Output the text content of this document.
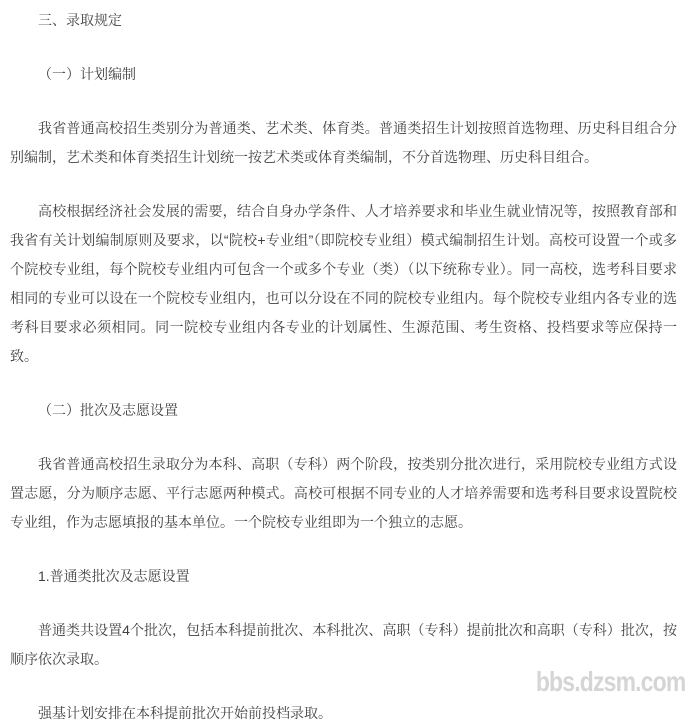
三、录取规定

（一）计划编制

我省普通高校招生类别分为普通类、艺术类、体育类。普通类招生计划按照首选物理、历史科目组合分别编制，艺术类和体育类招生计划统一按艺术类或体育类编制，不分首选物理、历史科目组合。

高校根据经济社会发展的需要，结合自身办学条件、人才培养要求和毕业生就业情况等，按照教育部和我省有关计划编制原则及要求，以“院校+专业组”（即院校专业组）模式编制招生计划。高校可设置一个或多个院校专业组，每个院校专业组内可包含一个或多个专业（类）（以下统称专业）。同一高校，选考科目要求相同的专业可以设在一个院校专业组内，也可以分设在不同的院校专业组内。每个院校专业组内各专业的选考科目要求必须相同。同一院校专业组内各专业的计划属性、生源范围、考生资格、投档要求等应保持一致。

（二）批次及志愿设置

我省普通高校招生录取分为本科、高职（专科）两个阶段，按类别分批次进行，采用院校专业组方式设置志愿，分为顺序志愿、平行志愿两种模式。高校可根据不同专业的人才培养需要和选考科目要求设置院校专业组，作为志愿填报的基本单位。一个院校专业组即为一个独立的志愿。

1.普通类批次及志愿设置

普通类共设置4个批次，包括本科提前批次、本科批次、高职（专科）提前批次和高职（专科）批次，按顺序依次录取。

强基计划安排在本科提前批次开始前投档录取。

bbs.dzsm.com
